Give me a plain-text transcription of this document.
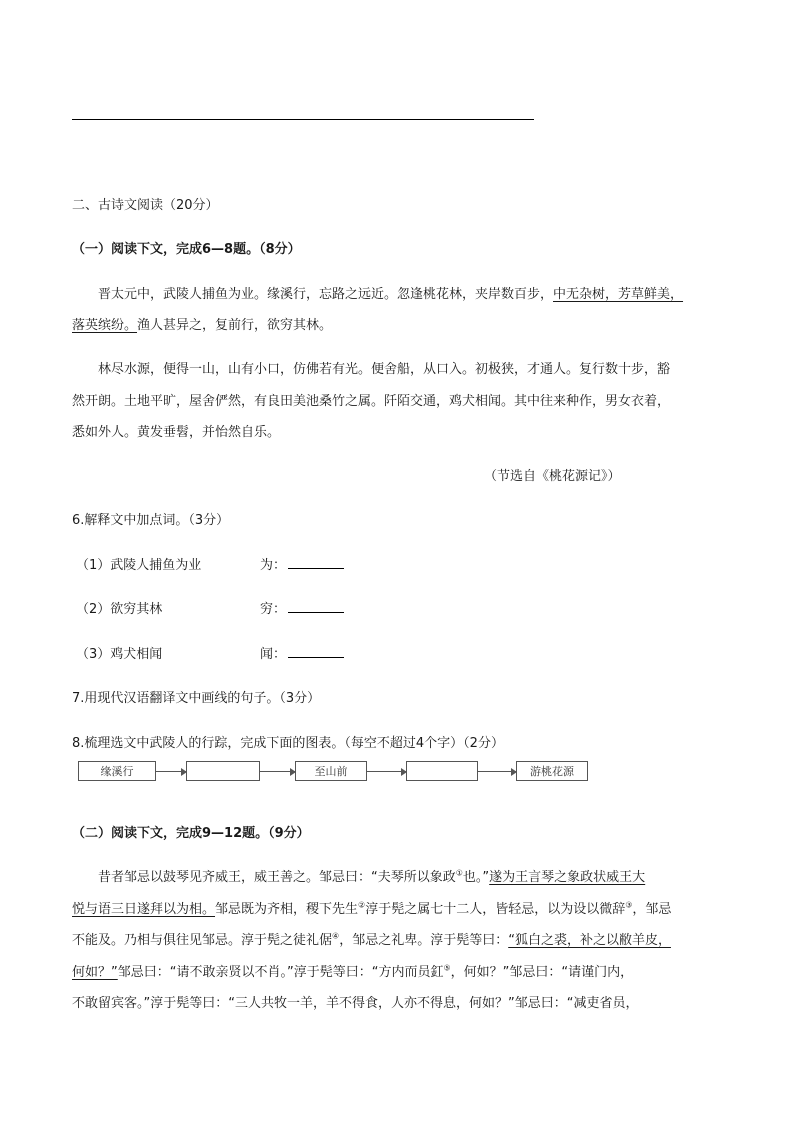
二、古诗文阅读（20分）
（一）阅读下文，完成6—8题。（8分）
晋太元中，武陵人捕鱼为业。缘溪行，忘路之远近。忽逢桃花林，夹岸数百步，中无杂树，芳草鲜美，
落英缤纷。渔人甚异之，复前行，欲穷其林。
林尽水源，便得一山，山有小口，仿佛若有光。便舍船，从口入。初极狭，才通人。复行数十步，豁
然开朗。土地平旷，屋舍俨然，有良田美池桑竹之属。阡陌交通，鸡犬相闻。其中往来种作，男女衣着，
悉如外人。黄发垂髫，并怡然自乐。
（节选自《桃花源记》）
6.解释文中加点词。（3分）
（1）武陵人捕鱼为业	为：
（2）欲穷其林	穷：
（3）鸡犬相闻	闻：
7.用现代汉语翻译文中画线的句子。（3分）
8.梳理选文中武陵人的行踪，完成下面的图表。（每空不超过4个字）（2分）
缘溪行	至山前	游桃花源
（二）阅读下文，完成9—12题。（9分）
昔者邹忌以鼓琴见齐威王，威王善之。邹忌曰：“夫琴所以象政①也。”遂为王言琴之象政状威王大
悦与语三日遂拜以为相。邹忌既为齐相，稷下先生②淳于髡之属七十二人，皆轻忌，以为设以微辞③，邹忌
不能及。乃相与俱往见邹忌。淳于髡之徒礼倨④，邹忌之礼卑。淳于髡等曰：“狐白之裘，补之以敝羊皮，
何如？”邹忌曰：“请不敢亲贤以不肖。”淳于髡等曰：“方内而员釭⑤，何如？”邹忌曰：“请谨门内，
不敢留宾客。”淳于髡等曰：“三人共牧一羊，羊不得食，人亦不得息，何如？”邹忌曰：“减吏省员，
